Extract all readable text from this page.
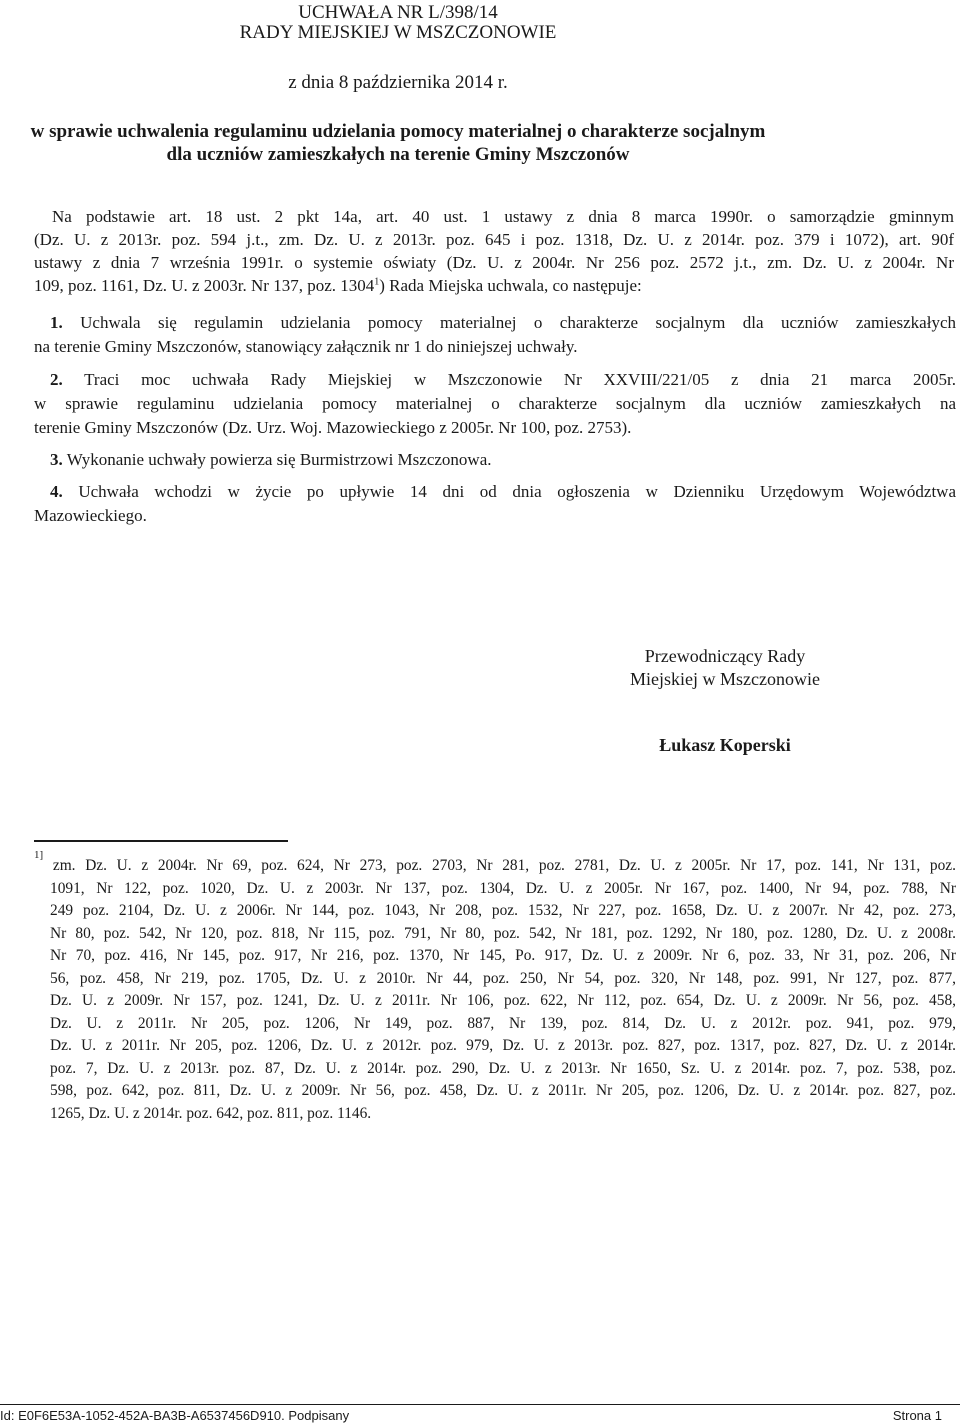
UCHWAŁA NR L/398/14
RADY MIEJSKIEJ W MSZCZONOWIE
z dnia 8 października 2014 r.
w sprawie uchwalenia regulaminu udzielania pomocy materialnej o charakterze socjalnym
dla uczniów zamieszkałych na terenie Gminy Mszczonów
Na podstawie art. 18 ust. 2 pkt 14a, art. 40 ust. 1 ustawy z dnia 8 marca 1990r. o samorządzie gminnym
(Dz. U. z 2013r. poz. 594 j.t., zm. Dz. U. z 2013r. poz. 645 i poz. 1318, Dz. U. z 2014r. poz. 379 i 1072), art. 90f
ustawy z dnia 7 września 1991r. o systemie oświaty (Dz. U. z 2004r. Nr 256 poz. 2572 j.t., zm. Dz. U. z 2004r. Nr
109, poz. 1161, Dz. U. z 2003r. Nr 137, poz. 1304$^1$) Rada Miejska uchwala, co następuje:
1. Uchwala się regulamin udzielania pomocy materialnej o charakterze socjalnym dla uczniów zamieszkałych
na terenie Gminy Mszczonów, stanowiący załącznik nr 1 do niniejszej uchwały.
2. Traci moc uchwała Rady Miejskiej w Mszczonowie Nr XXVIII/221/05 z dnia 21 marca 2005r.
w sprawie regulaminu udzielania pomocy materialnej o charakterze socjalnym dla uczniów zamieszkałych na
terenie Gminy Mszczonów (Dz. Urz. Woj. Mazowieckiego z 2005r. Nr 100, poz. 2753).
3. Wykonanie uchwały powierza się Burmistrzowi Mszczonowa.
4. Uchwała wchodzi w życie po upływie 14 dni od dnia ogłoszenia w Dzienniku Urzędowym Województwa
Mazowieckiego.
Przewodniczący Rady
Miejskiej w Mszczonowie
Łukasz Koperski
$^{1]}$ zm. Dz. U. z 2004r. Nr 69, poz. 624, Nr 273, poz. 2703, Nr 281, poz. 2781, Dz. U. z 2005r. Nr 17, poz. 141, Nr 131, poz.
1091, Nr 122, poz. 1020, Dz. U. z 2003r. Nr 137, poz. 1304, Dz. U. z 2005r. Nr 167, poz. 1400, Nr 94, poz. 788, Nr
249 poz. 2104, Dz. U. z 2006r. Nr 144, poz. 1043, Nr 208, poz. 1532, Nr 227, poz. 1658, Dz. U. z 2007r. Nr 42, poz. 273,
Nr 80, poz. 542, Nr 120, poz. 818, Nr 115, poz. 791, Nr 80, poz. 542, Nr 181, poz. 1292, Nr 180, poz. 1280, Dz. U. z 2008r.
Nr 70, poz. 416, Nr 145, poz. 917, Nr 216, poz. 1370, Nr 145, Po. 917, Dz. U. z 2009r. Nr 6, poz. 33, Nr 31, poz. 206, Nr
56, poz. 458, Nr 219, poz. 1705, Dz. U. z 2010r. Nr 44, poz. 250, Nr 54, poz. 320, Nr 148, poz. 991, Nr 127, poz. 877,
Dz. U. z 2009r. Nr 157, poz. 1241, Dz. U. z 2011r. Nr 106, poz. 622, Nr 112, poz. 654, Dz. U. z 2009r. Nr 56, poz. 458,
Dz. U. z 2011r. Nr 205, poz. 1206, Nr 149, poz. 887, Nr 139, poz. 814, Dz. U. z 2012r. poz. 941, poz. 979,
Dz. U. z 2011r. Nr 205, poz. 1206, Dz. U. z 2012r. poz. 979, Dz. U. z 2013r. poz. 827, poz. 1317, poz. 827, Dz. U. z 2014r.
poz. 7, Dz. U. z 2013r. poz. 87, Dz. U. z 2014r. poz. 290, Dz. U. z 2013r. Nr 1650, Sz. U. z 2014r. poz. 7, poz. 538, poz.
598, poz. 642, poz. 811, Dz. U. z 2009r. Nr 56, poz. 458, Dz. U. z 2011r. Nr 205, poz. 1206, Dz. U. z 2014r. poz. 827, poz.
1265, Dz. U. z 2014r. poz. 642, poz. 811, poz. 1146.
Id: E0F6E53A-1052-452A-BA3B-A6537456D910. Podpisany	Strona 1
